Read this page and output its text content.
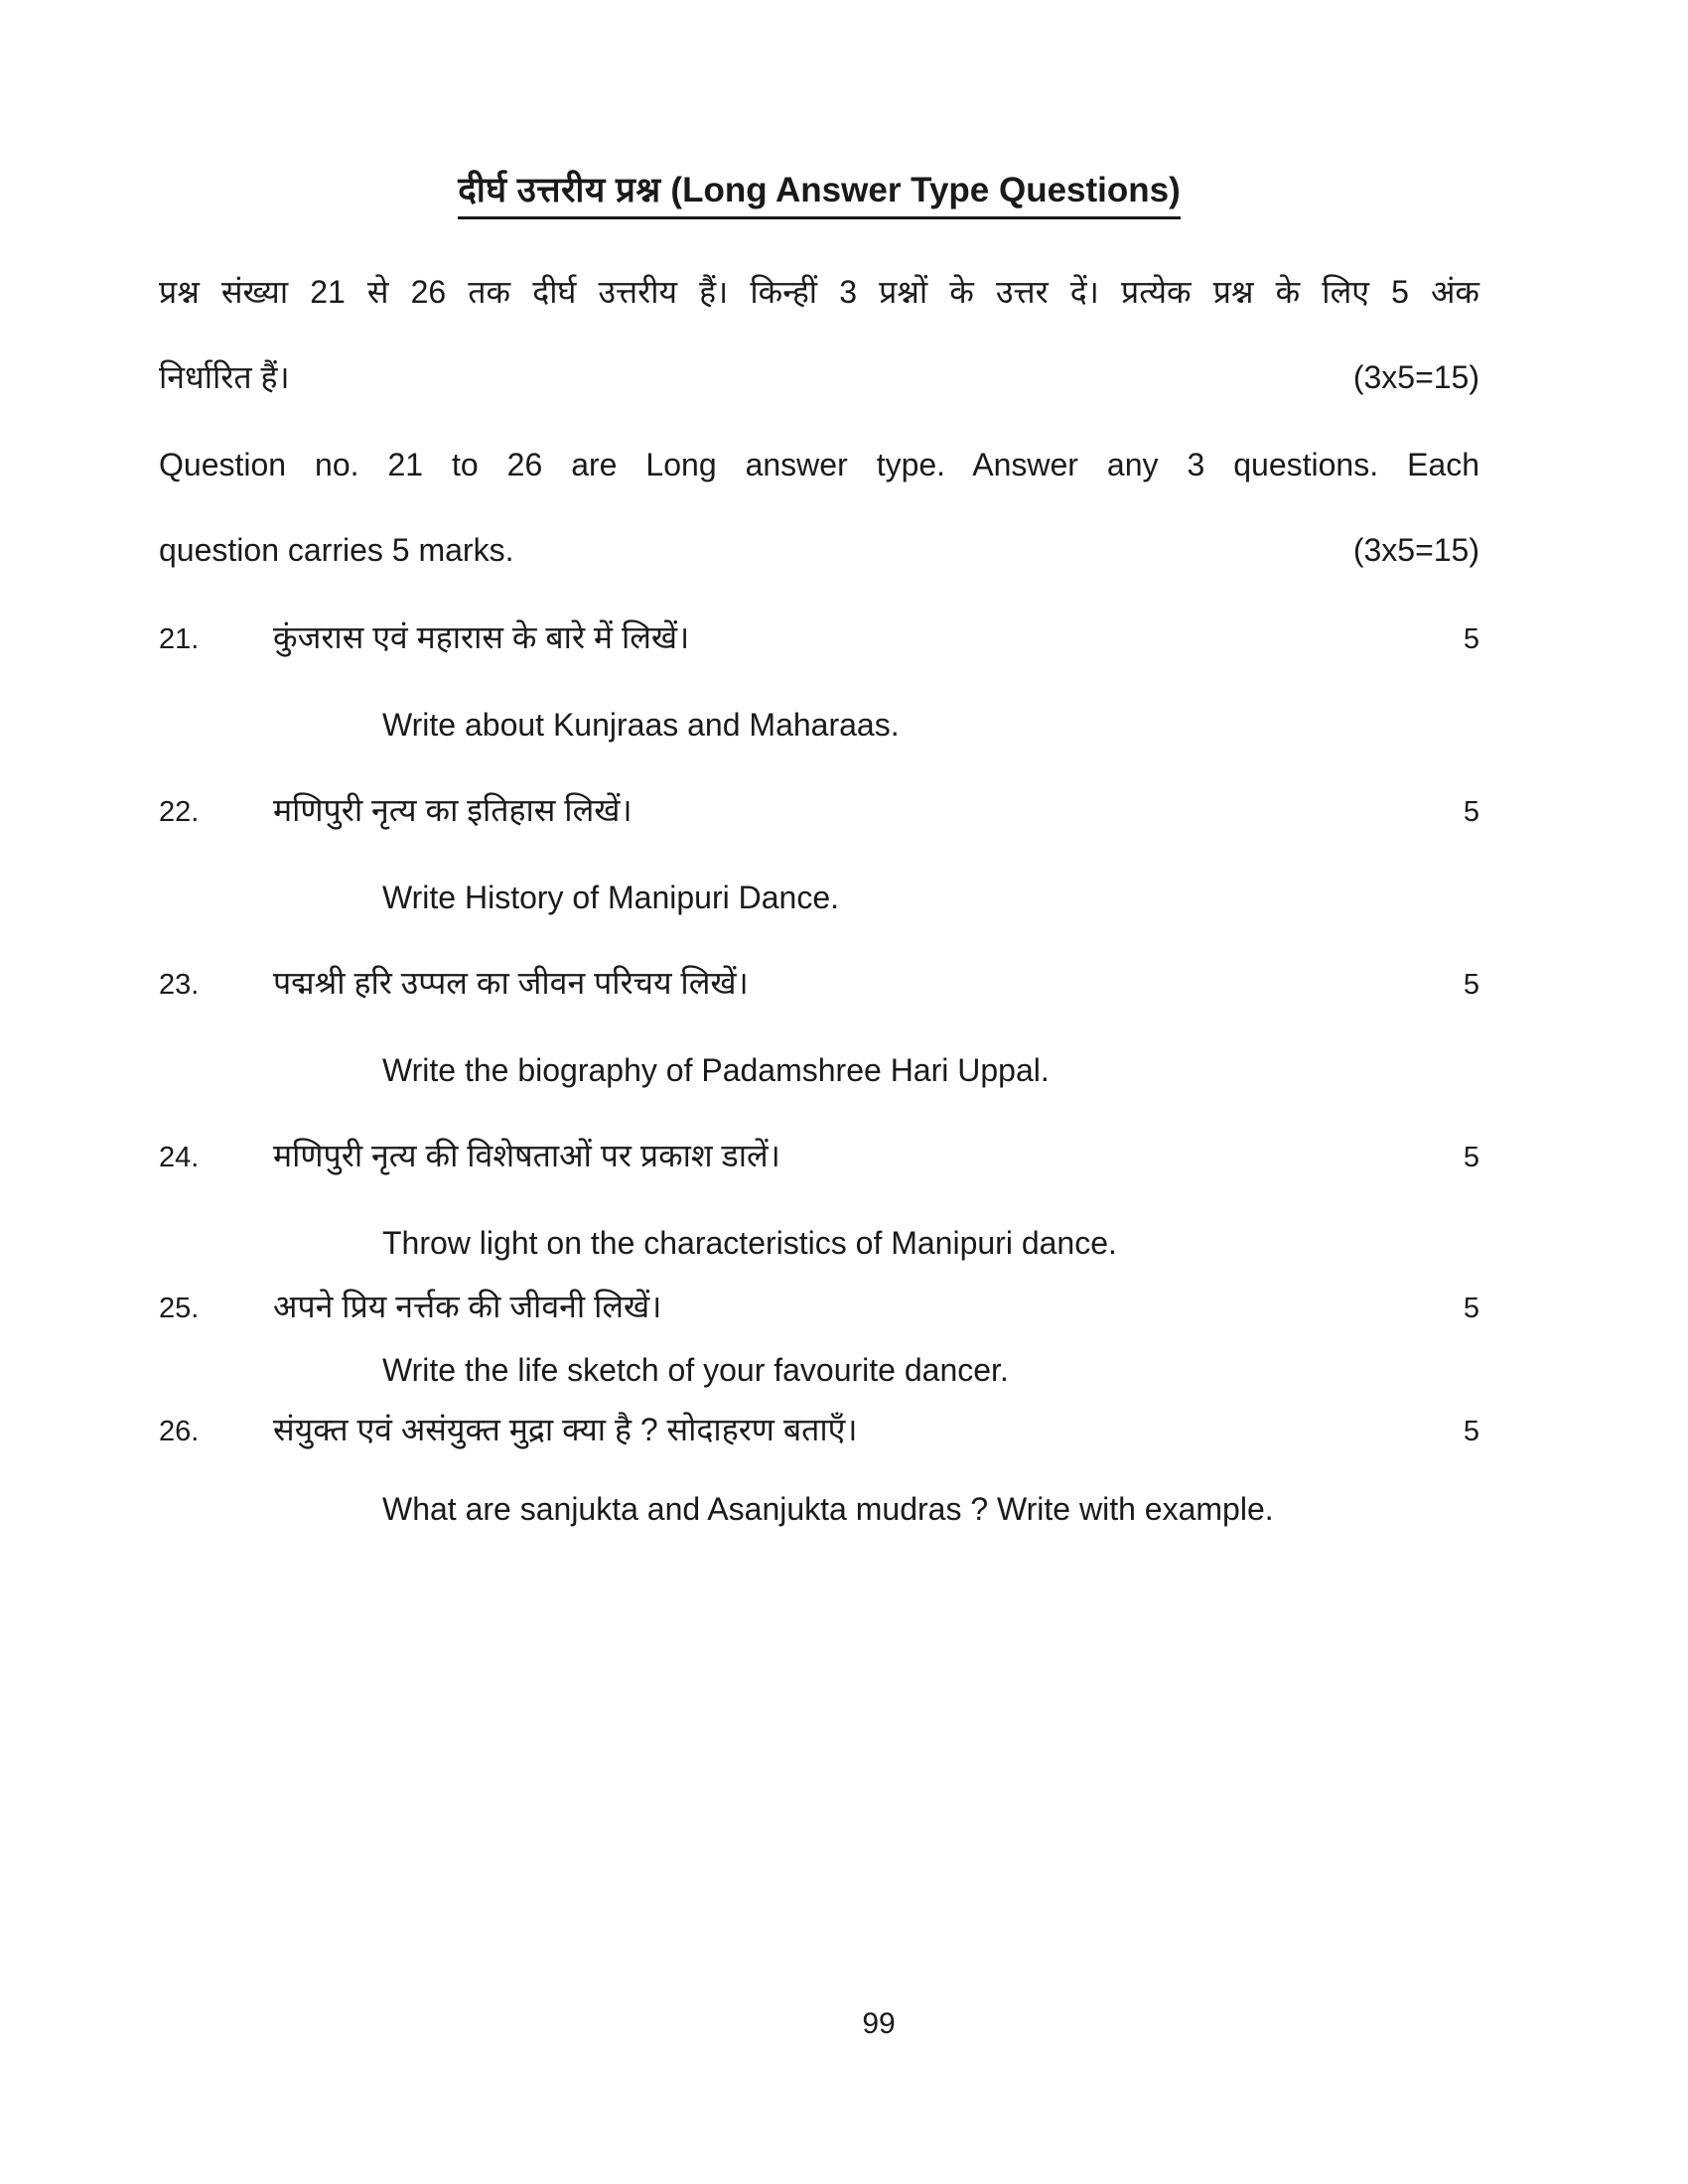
दीर्घ उत्तरीय प्रश्न (Long Answer Type Questions)
प्रश्न संख्या 21 से 26 तक दीर्घ उत्तरीय हैं। किन्हीं 3 प्रश्नों के उत्तर दें। प्रत्येक प्रश्न के लिए 5 अंक
निर्धारित हैं।	(3x5=15)
Question no. 21 to 26 are Long answer type. Answer any 3 questions. Each
question carries 5 marks.	(3x5=15)
21.	कुंजरास एवं महारास के बारे में लिखें।	5
Write about Kunjraas and Maharaas.
22.	मणिपुरी नृत्य का इतिहास लिखें।	5
Write History of Manipuri Dance.
23.	पद्मश्री हरि उप्पल का जीवन परिचय लिखें।	5
Write the biography of Padamshree Hari Uppal.
24.	मणिपुरी नृत्य की विशेषताओं पर प्रकाश डालें।	5
Throw light on the characteristics of Manipuri dance.
25.	अपने प्रिय नर्त्तक की जीवनी लिखें।	5
Write the life sketch of your favourite dancer.
26.	संयुक्त एवं असंयुक्त मुद्रा क्या है ? सोदाहरण बताएँ।	5
What are sanjukta and Asanjukta mudras ? Write with example.
99
